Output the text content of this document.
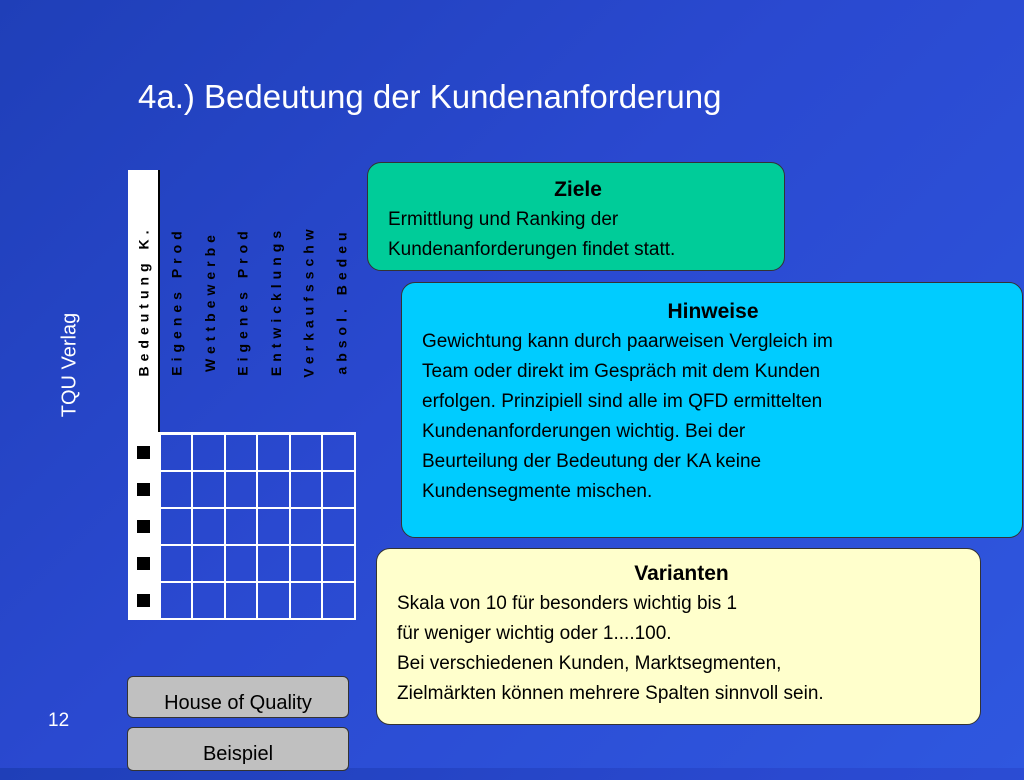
4a.) Bedeutung der Kundenanforderung
TQU Verlag
12
Bedeutung K. Eigenes Prod Wettbewerbe Eigenes Prod Entwicklungs Verkaufsschw absol. Bedeu
Ziele

Ermittlung und Ranking der

Kundenanforderungen findet statt.

Hinweise

Gewichtung kann durch paarweisen Vergleich im

Team oder direkt im Gespräch mit dem Kunden

erfolgen. Prinzipiell sind alle im QFD ermittelten

Kundenanforderungen wichtig. Bei der

Beurteilung der Bedeutung der KA keine

Kundensegmente mischen.

Varianten

Skala von 10 für besonders wichtig bis 1

für weniger wichtig oder 1....100.

Bei verschiedenen Kunden, Marktsegmenten,

Zielmärkten können mehrere Spalten sinnvoll sein.

House of Quality
Beispiel
